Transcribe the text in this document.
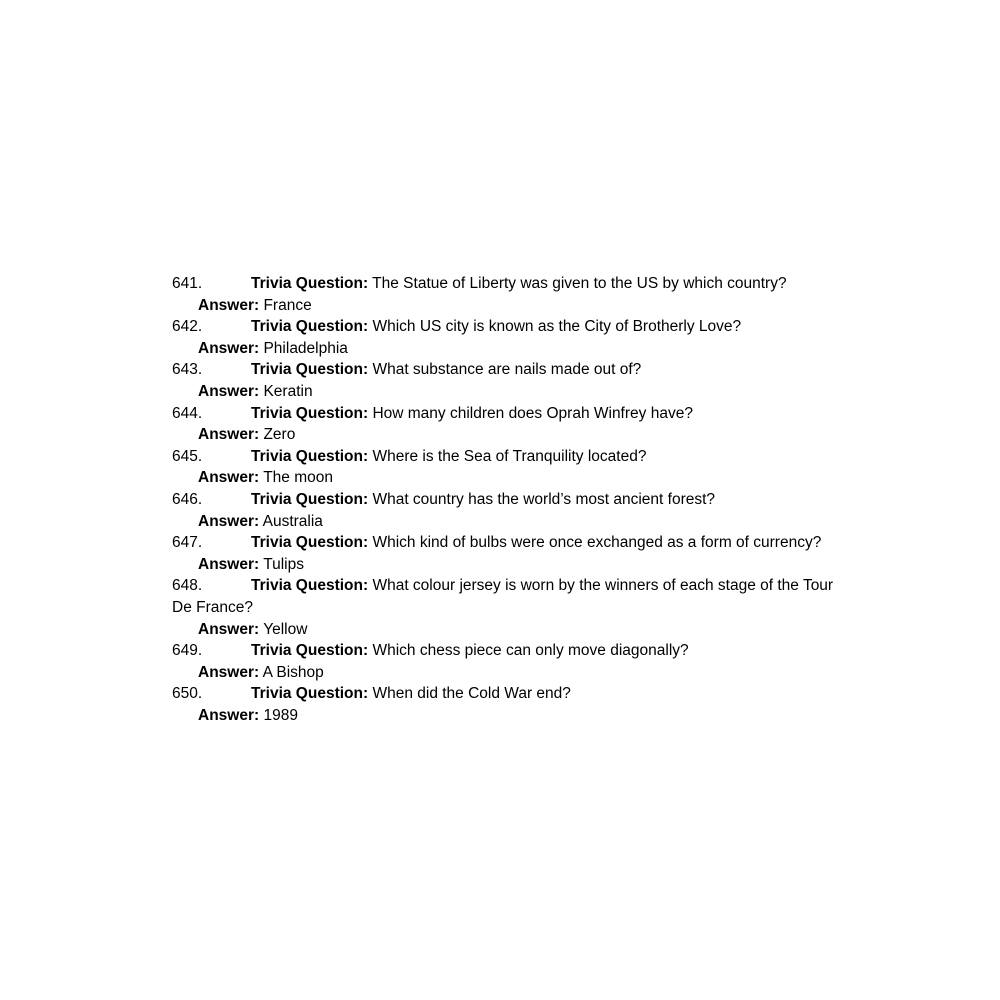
641.	Trivia Question: The Statue of Liberty was given to the US by which country?
Answer: France
642.	Trivia Question: Which US city is known as the City of Brotherly Love?
Answer: Philadelphia
643.	Trivia Question: What substance are nails made out of?
Answer: Keratin
644.	Trivia Question: How many children does Oprah Winfrey have?
Answer: Zero
645.	Trivia Question: Where is the Sea of Tranquility located?
Answer: The moon
646.	Trivia Question: What country has the world’s most ancient forest?
Answer: Australia
647.	Trivia Question: Which kind of bulbs were once exchanged as a form of currency?
Answer: Tulips
648.	Trivia Question: What colour jersey is worn by the winners of each stage of the Tour De France?
Answer: Yellow
649.	Trivia Question: Which chess piece can only move diagonally?
Answer: A Bishop
650.	Trivia Question: When did the Cold War end?
Answer: 1989
